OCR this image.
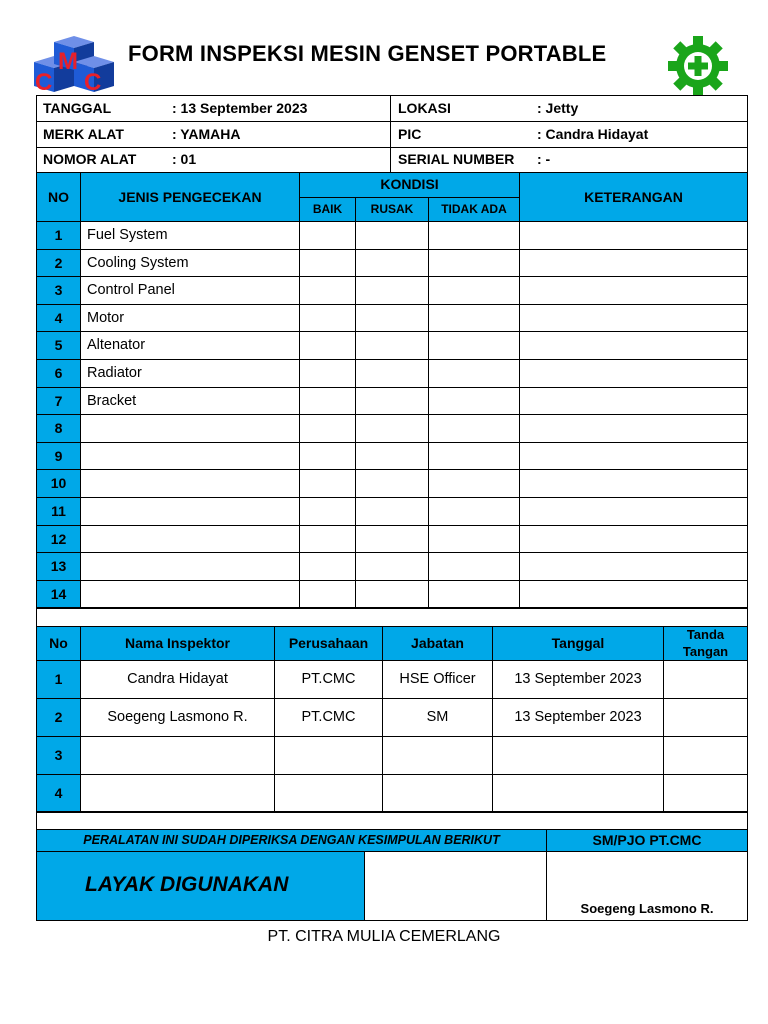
C
M
C
FORM INSPEKSI MESIN GENSET PORTABLE
TANGGAL	: 13 September 2023
MERK ALAT	: YAMAHA
NOMOR ALAT	: 01
LOKASI	: Jetty
PIC	: Candra Hidayat
SERIAL NUMBER : -
NO	JENIS PENGECEKAN
KONDISI
BAIK	RUSAK	TIDAK ADA
KETERANGAN
1	Fuel System
2	Cooling System
3	Control Panel
4	Motor
5	Altenator
6	Radiator
7	Bracket
8
9
10
11
12
13
14
No	Nama Inspektor	Perusahaan	Jabatan	Tanggal
Tanda
Tangan
1	Candra Hidayat	PT.CMC	HSE Officer	13 September 2023
2	Soegeng Lasmono R.	PT.CMC	SM	13 September 2023
3
4
PERALATAN INI SUDAH DIPERIKSA DENGAN KESIMPULAN BERIKUT	SM/PJO PT.CMC
LAYAK DIGUNAKAN
Soegeng Lasmono R.
PT. CITRA MULIA CEMERLANG
